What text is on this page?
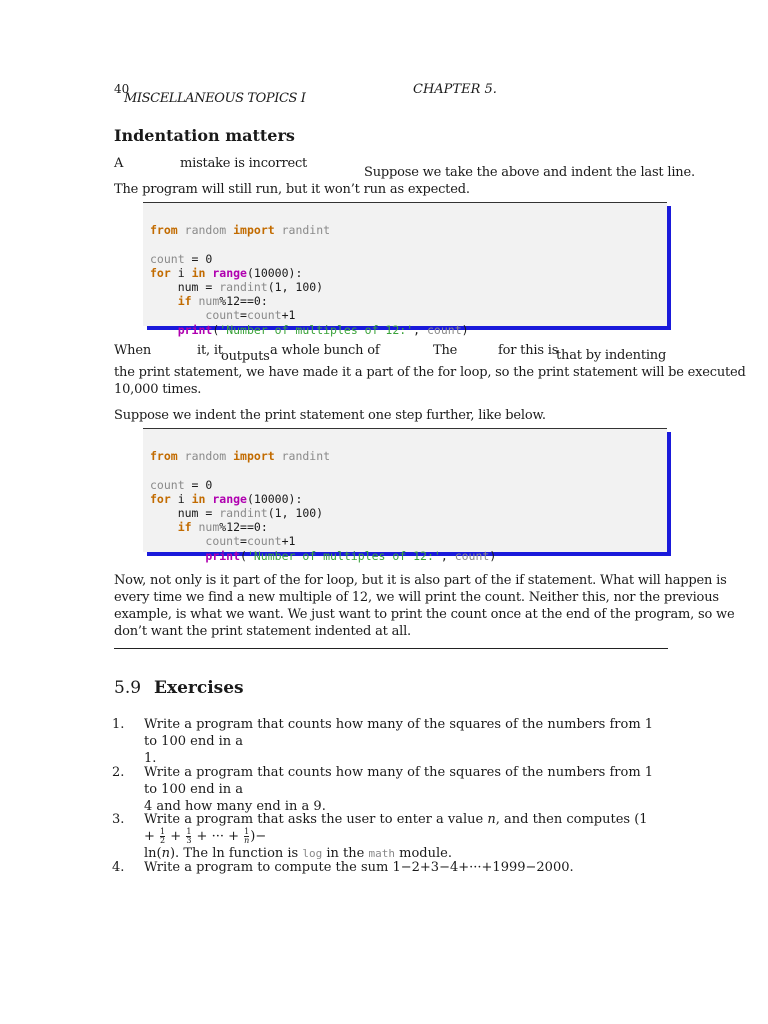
40
MISCELLANEOUS TOPICS I
CHAPTER 5.
Indentation matters
A	mistake is incorrect
Suppose we take the above and indent the last line.
The program will still run, but it won’t run as expected.

from random import randint
count = 0
for i in range(10000):
num = randint(1, 100)
if num%12==0:
count=count+1
print('Number of multiples of 12:', count)

When	it, it
outputs a whole bunch of	The	for this is
that by indenting
the print statement, we have made it a part of the for loop, so the print statement will be executed
10,000 times.
Suppose we indent the print statement one step further, like below.

from random import randint
count = 0
for i in range(10000):
num = randint(1, 100)
if num%12==0:
count=count+1
print('Number of multiples of 12:', count)

Now, not only is it part of the for loop, but it is also part of the if statement. What will happen is
every time we find a new multiple of 12, we will print the count. Neither this, nor the previous
example, is what we want. We just want to print the count once at the end of the program, so we
don’t want the print statement indented at all.
5.9 Exercises
1.	Write a program that counts how many of the squares of the numbers from 1 to 100 end in a
1.
2.	Write a program that counts how many of the squares of the numbers from 1 to 100 end in a
4 and how many end in a 9.
3.	Write a program that asks the user to enter a value n, and then computes ($1 + \frac{1}{2} + \frac{1}{3}$ + ··· + $\frac{1}{n}$ )−
ln(n). The ln function is log in the math module.
4.	Write a program to compute the sum 1−2+3−4+···+1999−2000.
